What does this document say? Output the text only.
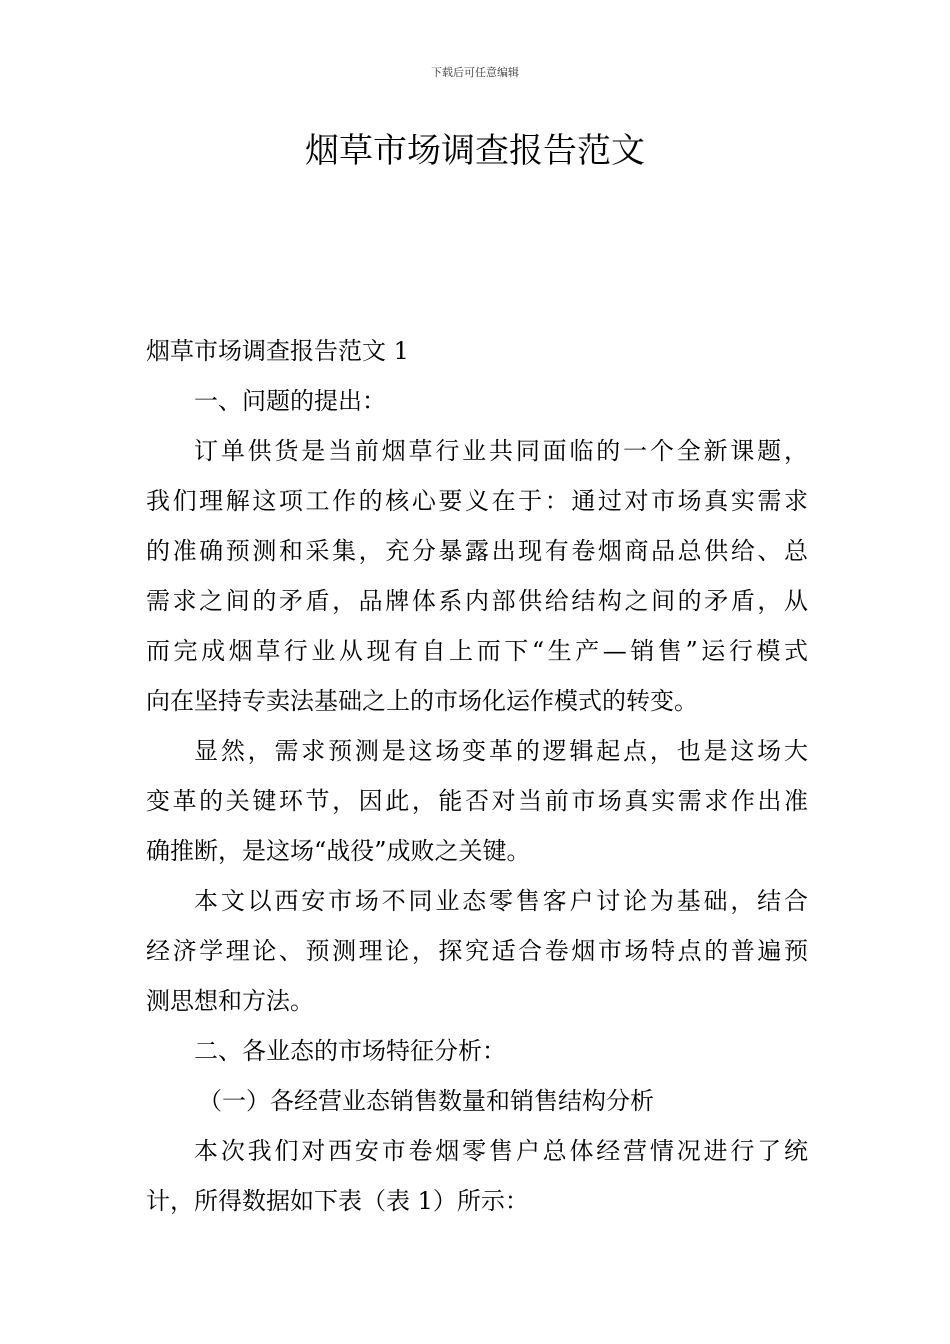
下载后可任意编辑
烟草市场调查报告范文
烟草市场调查报告范文 1
一、问题的提出：
订单供货是当前烟草行业共同面临的一个全新课题，
我们理解这项工作的核心要义在于：通过对市场真实需求
的准确预测和采集，充分暴露出现有卷烟商品总供给、总
需求之间的矛盾，品牌体系内部供给结构之间的矛盾，从
而完成烟草行业从现有自上而下“生产—销售”运行模式
向在坚持专卖法基础之上的市场化运作模式的转变。
显然，需求预测是这场变革的逻辑起点，也是这场大
变革的关键环节，因此，能否对当前市场真实需求作出准
确推断，是这场“战役”成败之关键。
本文以西安市场不同业态零售客户讨论为基础，结合
经济学理论、预测理论，探究适合卷烟市场特点的普遍预
测思想和方法。
二、各业态的市场特征分析：
（一）各经营业态销售数量和销售结构分析
本次我们对西安市卷烟零售户总体经营情况进行了统
计，所得数据如下表（表 1）所示：
